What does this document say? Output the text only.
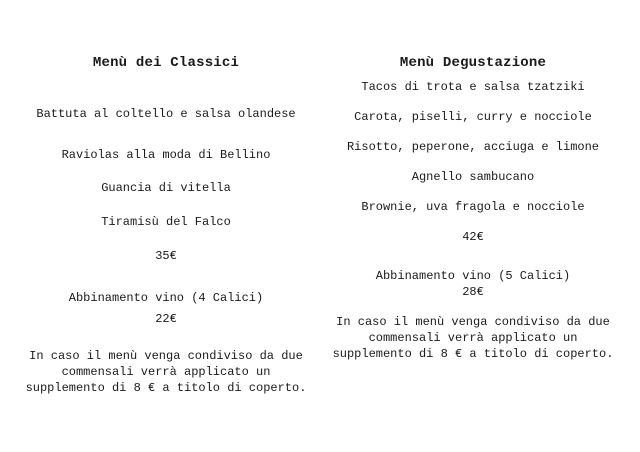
Menù dei Classici
Battuta al coltello e salsa olandese
Raviolas alla moda di Bellino
Guancia di vitella
Tiramisù del Falco
35€
Abbinamento vino (4 Calici)
22€
In caso il menù venga condiviso da due commensali verrà applicato un supplemento di 8 € a titolo di coperto.
Menù Degustazione
Tacos di trota e salsa tzatziki
Carota, piselli, curry e nocciole
Risotto, peperone, acciuga e limone
Agnello sambucano
Brownie, uva fragola e nocciole
42€
Abbinamento vino (5 Calici)
28€
In caso il menù venga condiviso da due commensali verrà applicato un supplemento di 8 € a titolo di coperto.
